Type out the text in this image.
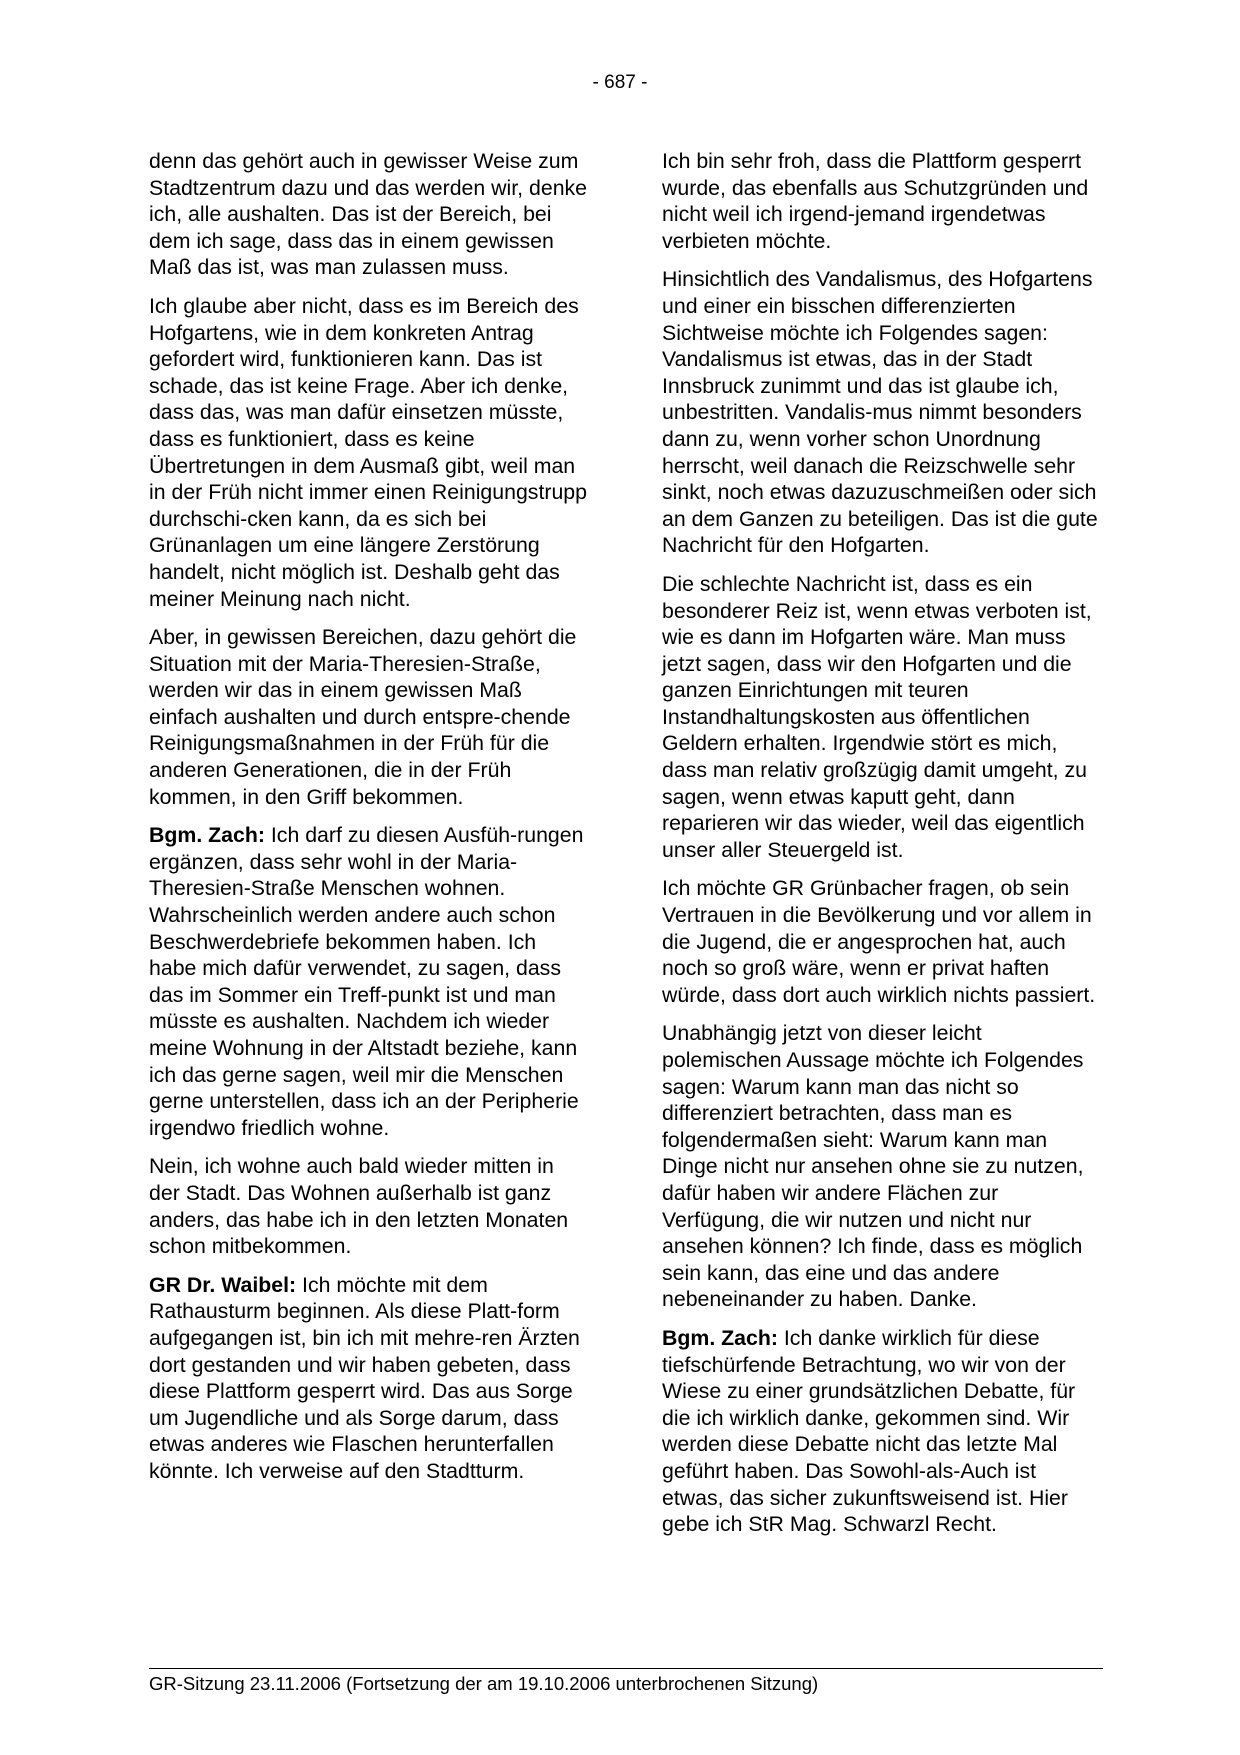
- 687 -

denn das gehört auch in gewisser Weise zum Stadtzentrum dazu und das werden wir, denke ich, alle aushalten. Das ist der Bereich, bei dem ich sage, dass das in einem gewissen Maß das ist, was man zulassen muss.

Ich glaube aber nicht, dass es im Bereich des Hofgartens, wie in dem konkreten Antrag gefordert wird, funktionieren kann. Das ist schade, das ist keine Frage. Aber ich denke, dass das, was man dafür einsetzen müsste, dass es funktioniert, dass es keine Übertretungen in dem Ausmaß gibt, weil man in der Früh nicht immer einen Reinigungstrupp durchschi-cken kann, da es sich bei Grünanlagen um eine längere Zerstörung handelt, nicht möglich ist. Deshalb geht das meiner Meinung nach nicht.

Aber, in gewissen Bereichen, dazu gehört die Situation mit der Maria-Theresien-Straße, werden wir das in einem gewissen Maß einfach aushalten und durch entspre-chende Reinigungsmaßnahmen in der Früh für die anderen Generationen, die in der Früh kommen, in den Griff bekommen.

Bgm. Zach: Ich darf zu diesen Ausfüh-rungen ergänzen, dass sehr wohl in der Maria-Theresien-Straße Menschen wohnen. Wahrscheinlich werden andere auch schon Beschwerdebriefe bekommen haben. Ich habe mich dafür verwendet, zu sagen, dass das im Sommer ein Treff-punkt ist und man müsste es aushalten. Nachdem ich wieder meine Wohnung in der Altstadt beziehe, kann ich das gerne sagen, weil mir die Menschen gerne unterstellen, dass ich an der Peripherie irgendwo friedlich wohne.

Nein, ich wohne auch bald wieder mitten in der Stadt. Das Wohnen außerhalb ist ganz anders, das habe ich in den letzten Monaten schon mitbekommen.

GR Dr. Waibel: Ich möchte mit dem Rathausturm beginnen. Als diese Platt-form aufgegangen ist, bin ich mit mehre-ren Ärzten dort gestanden und wir haben gebeten, dass diese Plattform gesperrt wird. Das aus Sorge um Jugendliche und als Sorge darum, dass etwas anderes wie Flaschen herunterfallen könnte. Ich verweise auf den Stadtturm.

Ich bin sehr froh, dass die Plattform gesperrt wurde, das ebenfalls aus Schutzgründen und nicht weil ich irgend-jemand irgendetwas verbieten möchte.

Hinsichtlich des Vandalismus, des Hofgartens und einer ein bisschen differenzierten Sichtweise möchte ich Folgendes sagen: Vandalismus ist etwas, das in der Stadt Innsbruck zunimmt und das ist glaube ich, unbestritten. Vandalis-mus nimmt besonders dann zu, wenn vorher schon Unordnung herrscht, weil danach die Reizschwelle sehr sinkt, noch etwas dazuzuschmeißen oder sich an dem Ganzen zu beteiligen. Das ist die gute Nachricht für den Hofgarten.

Die schlechte Nachricht ist, dass es ein besonderer Reiz ist, wenn etwas verboten ist, wie es dann im Hofgarten wäre. Man muss jetzt sagen, dass wir den Hofgarten und die ganzen Einrichtungen mit teuren Instandhaltungskosten aus öffentlichen Geldern erhalten. Irgendwie stört es mich, dass man relativ großzügig damit umgeht, zu sagen, wenn etwas kaputt geht, dann reparieren wir das wieder, weil das eigentlich unser aller Steuergeld ist.

Ich möchte GR Grünbacher fragen, ob sein Vertrauen in die Bevölkerung und vor allem in die Jugend, die er angesprochen hat, auch noch so groß wäre, wenn er privat haften würde, dass dort auch wirklich nichts passiert.

Unabhängig jetzt von dieser leicht polemischen Aussage möchte ich Folgendes sagen: Warum kann man das nicht so differenziert betrachten, dass man es folgendermaßen sieht: Warum kann man Dinge nicht nur ansehen ohne sie zu nutzen, dafür haben wir andere Flächen zur Verfügung, die wir nutzen und nicht nur ansehen können? Ich finde, dass es möglich sein kann, das eine und das andere nebeneinander zu haben. Danke.

Bgm. Zach: Ich danke wirklich für diese tiefschürfende Betrachtung, wo wir von der Wiese zu einer grundsätzlichen Debatte, für die ich wirklich danke, gekommen sind. Wir werden diese Debatte nicht das letzte Mal geführt haben. Das Sowohl-als-Auch ist etwas, das sicher zukunftsweisend ist. Hier gebe ich StR Mag. Schwarzl Recht.

GR-Sitzung 23.11.2006 (Fortsetzung der am 19.10.2006 unterbrochenen Sitzung)
